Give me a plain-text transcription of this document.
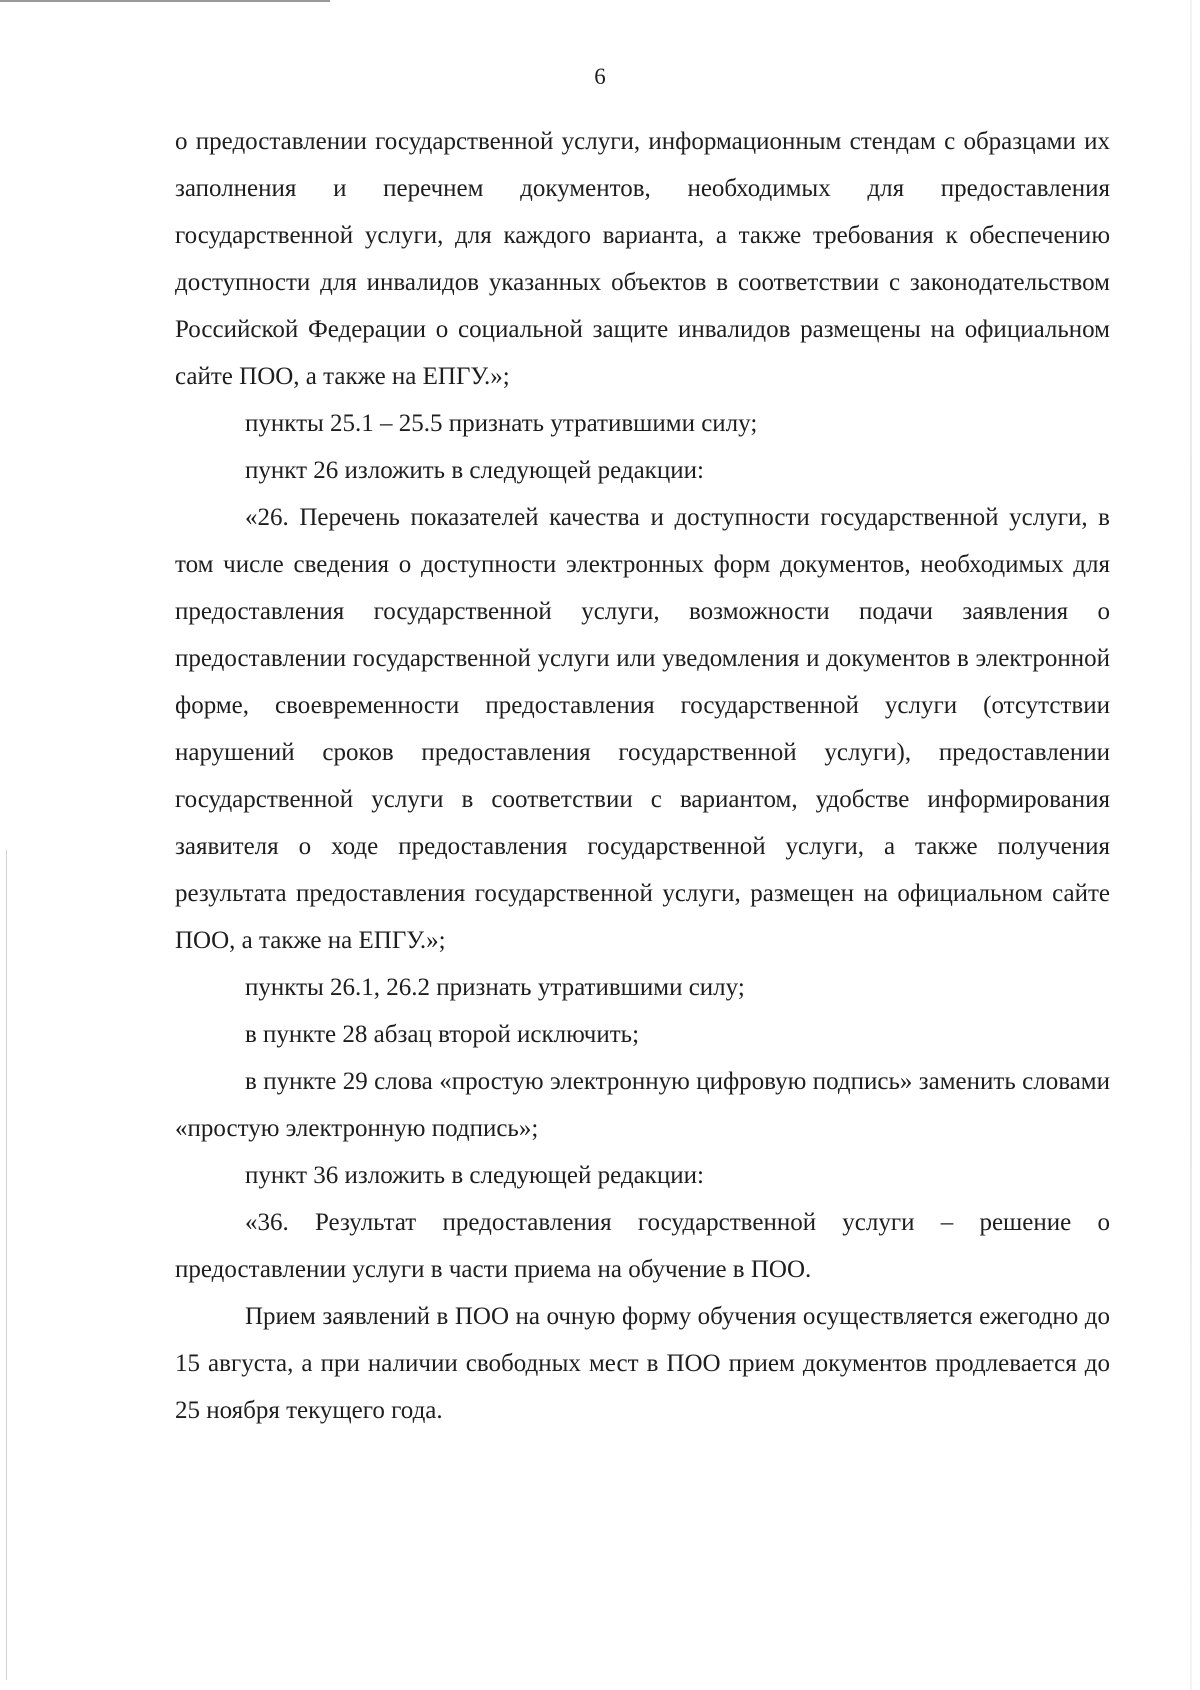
6

о предоставлении государственной услуги, информационным стендам с образцами их заполнения и перечнем документов, необходимых для предоставления государственной услуги, для каждого варианта, а также требования к обеспечению доступности для инвалидов указанных объектов в соответствии с законодательством Российской Федерации о социальной защите инвалидов размещены на официальном сайте ПОО, а также на ЕПГУ.»;

пункты 25.1 – 25.5 признать утратившими силу;

пункт 26 изложить в следующей редакции:

«26. Перечень показателей качества и доступности государственной услуги, в том числе сведения о доступности электронных форм документов, необходимых для предоставления государственной услуги, возможности подачи заявления о предоставлении государственной услуги или уведомления и документов в электронной форме, своевременности предоставления государственной услуги (отсутствии нарушений сроков предоставления государственной услуги), предоставлении государственной услуги в соответствии с вариантом, удобстве информирования заявителя о ходе предоставления государственной услуги, а также получения результата предоставления государственной услуги, размещен на официальном сайте ПОО, а также на ЕПГУ.»;

пункты 26.1, 26.2 признать утратившими силу;

в пункте 28 абзац второй исключить;

в пункте 29 слова «простую электронную цифровую подпись» заменить словами «простую электронную подпись»;

пункт 36 изложить в следующей редакции:

«36. Результат предоставления государственной услуги – решение о предоставлении услуги в части приема на обучение в ПОО.

Прием заявлений в ПОО на очную форму обучения осуществляется ежегодно до 15 августа, а при наличии свободных мест в ПОО прием документов продлевается до 25 ноября текущего года.
